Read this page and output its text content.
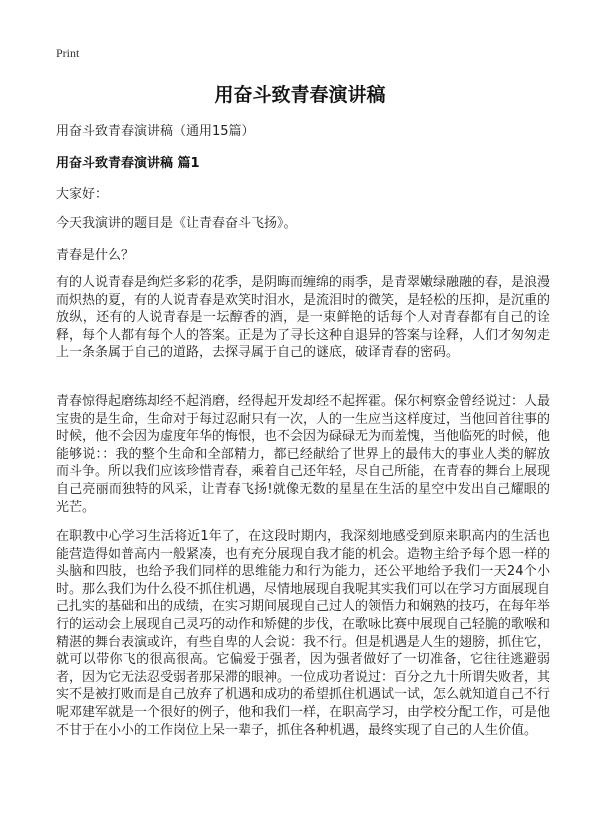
Print
用奋斗致青春演讲稿
用奋斗致青春演讲稿（通用15篇）
用奋斗致青春演讲稿 篇1
大家好：
今天我演讲的题目是《让青春奋斗飞扬》。
青春是什么？

有的人说青春是绚烂多彩的花季，是阴晦而缠绵的雨季，是青翠嫩绿融融的春，是浪漫而炽热的夏，有的人说青春是欢笑时泪水，是流泪时的微笑，是轻松的压抑，是沉重的放纵，还有的人说青春是一坛醇香的酒，是一束鲜艳的话每个人对青春都有自己的诠释，每个人都有每个人的答案。正是为了寻长这种自退异的答案与诠释，人们才匆匆走上一条条属于自己的道路，去探寻属于自己的谜底，破译青春的密码。

青春惊得起磨练却经不起消磨，经得起开发却经不起挥霍。保尔柯察金曾经说过：人最宝贵的是生命，生命对于每过忍耐只有一次，人的一生应当这样度过，当他回首往事的时候，他不会因为虚度年华的悔恨，也不会因为碌碌无为而羞愧，当他临死的时候，他能够说：：我的整个生命和全部精力，都已经献给了世界上的最伟大的事业人类的解放而斗争。所以我们应该珍惜青春，乘着自己还年轻，尽自己所能，在青春的舞台上展现自己亮丽而独特的风采，让青春飞扬!就像无数的星星在生活的星空中发出自己耀眼的光芒。

在职教中心学习生活将近1年了，在这段时期内，我深刻地感受到原来职高内的生活也能营造得如普高内一般紧凑，也有充分展现自我才能的机会。造物主给予每个恩一样的头脑和四肢，也给予我们同样的思维能力和行为能力，还公平地给予我们一天24个小时。那么我们为什么役不抓住机遇，尽情地展现自我呢其实我们可以在学习方面展现自己扎实的基础和出的成绩，在实习期间展现自己过人的领悟力和娴熟的技巧，在每年举行的运动会上展现自己灵巧的动作和矫健的步伐，在歌咏比赛中展现自己轻脆的歌喉和精湛的舞台表演或许，有些自卑的人会说：我不行。但是机遇是人生的翅膀，抓住它，就可以带你飞的很高很高。它偏爱于强者，因为强者做好了一切准备，它往往逃避弱者，因为它无法忍受弱者那呆滞的眼神。一位成功者说过：百分之九十所谓失败者，其实不是被打败而是自己放弃了机遇和成功的希望抓住机遇试一试，怎么就知道自己不行呢邓建军就是一个很好的例子，他和我们一样，在职高学习，由学校分配工作，可是他不甘于在小小的工作岗位上呆一辈子，抓住各种机遇，最终实现了自己的人生价值。
